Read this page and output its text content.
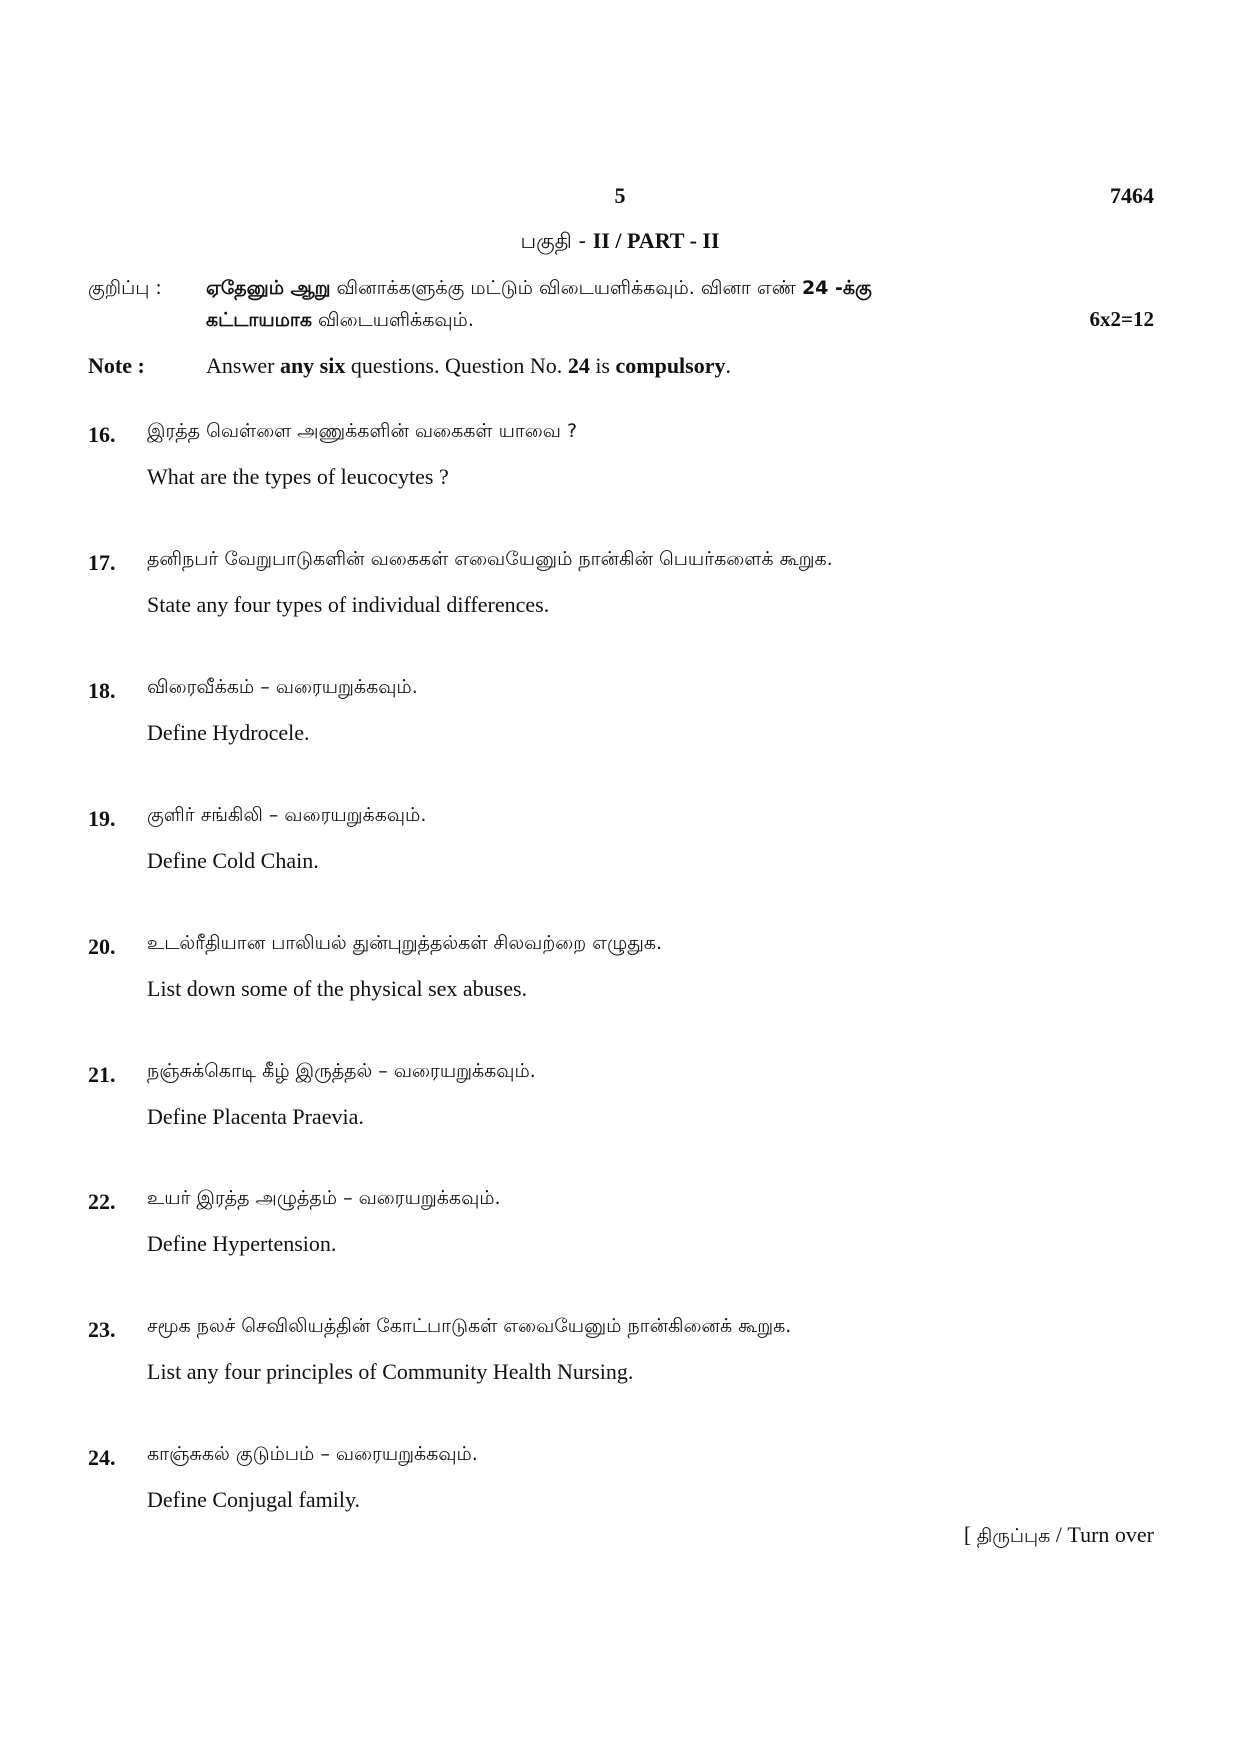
5	7464
பகுதி - II / PART - II
குறிப்பு : ஏதேனும் ஆறு வினாக்களுக்கு மட்டும் விடையளிக்கவும். வினா எண் 24 -க்கு
கட்டாயமாக விடையளிக்கவும்.	6x2=12
Note :	Answer any six questions. Question No. 24 is compulsory.
16. இரத்த வெள்ளை அணுக்களின் வகைகள் யாவை ?
What are the types of leucocytes ?
17. தனிநபர் வேறுபாடுகளின் வகைகள் எவையேனும் நான்கின் பெயர்களைக் கூறுக.
State any four types of individual differences.
18. விரைவீக்கம் – வரையறுக்கவும்.
Define Hydrocele.
19. குளிர் சங்கிலி – வரையறுக்கவும்.
Define Cold Chain.
20. உடல்ரீதியான பாலியல் துன்புறுத்தல்கள் சிலவற்றை எழுதுக.
List down some of the physical sex abuses.
21. நஞ்சுக்கொடி கீழ் இருத்தல் – வரையறுக்கவும்.
Define Placenta Praevia.
22. உயர் இரத்த அழுத்தம் – வரையறுக்கவும்.
Define Hypertension.
23. சமூக நலச் செவிலியத்தின் கோட்பாடுகள் எவையேனும் நான்கினைக் கூறுக.
List any four principles of Community Health Nursing.
24. காஞ்சுகல் குடும்பம் – வரையறுக்கவும்.
Define Conjugal family.
[ திருப்புக / Turn over
